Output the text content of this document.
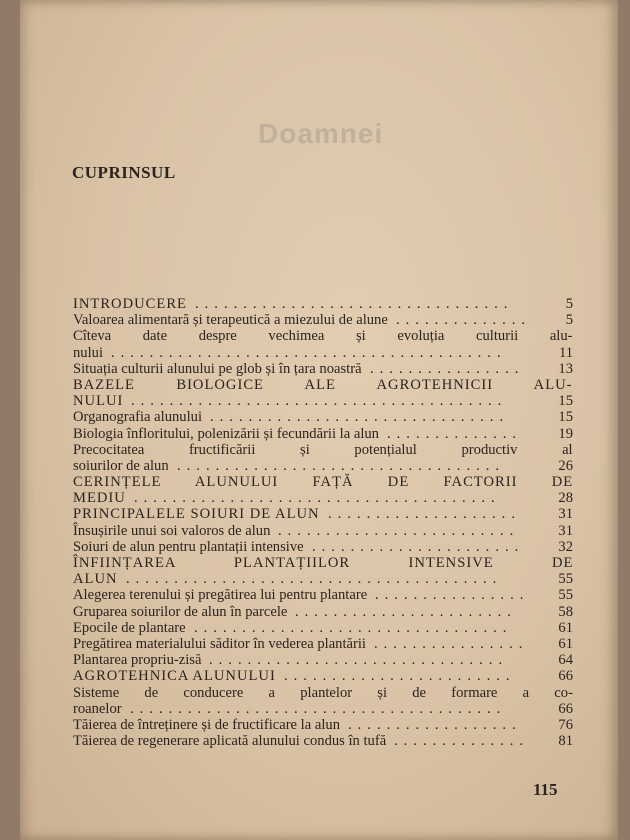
Doamnei
CUPRINSUL
INTRODUCERE .................................	5
Valoarea alimentară și terapeutică a miezului de alune .............. 5
Cîteva date despre vechimea și evoluția culturii alu-
nului .........................................	11
Situația culturii alunului pe glob și în țara noastră ................ 13
BAZELE BIOLOGICE ALE AGROTEHNICII ALU-
NULUI .......................................	15
Organografia alunului ...............................	15
Biologia înfloritului, polenizării și fecundării la alun .............. 19
Precocitatea fructificării și potențialul productiv al
soiurilor de alun ..................................	26
CERINȚELE ALUNULUI FAȚĂ DE FACTORII DE
MEDIU ......................................	28
PRINCIPALELE SOIURI DE ALUN ....................	31
Însușirile unui soi valoros de alun .........................	31
Soiuri de alun pentru plantații intensive ...................... 32
ÎNFIINȚAREA PLANTAȚIILOR INTENSIVE DE
ALUN .......................................	55
Alegerea terenului și pregătirea lui pentru plantare ................ 55
Gruparea soiurilor de alun în parcele .......................	58
Epocile de plantare .................................	61
Pregătirea materialului săditor în vederea plantării ................ 61
Plantarea propriu-zisă ...............................	64
AGROTEHNICA ALUNULUI ........................	66
Sisteme de conducere a plantelor și de formare a co-
roanelor .......................................	66
Tăierea de întreținere și de fructificare la alun ..................	76
Tăierea de regenerare aplicată alunului condus în tufă .............. 81
115
